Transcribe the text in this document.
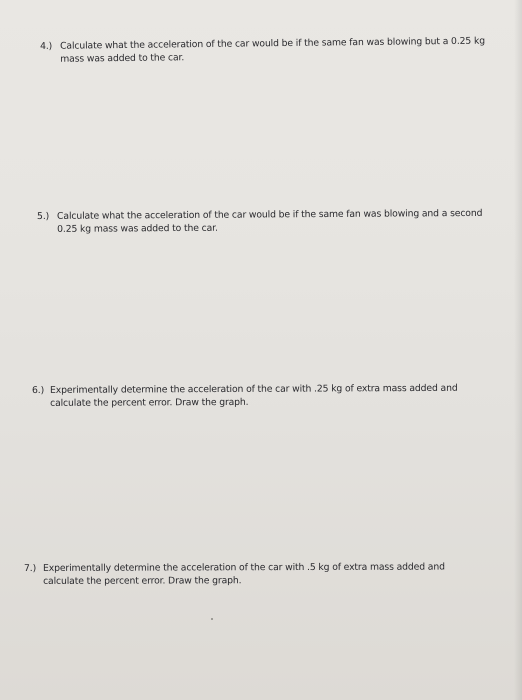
4.) Calculate what the acceleration of the car would be if the same fan was blowing but a 0.25 kg
mass was added to the car.
5.) Calculate what the acceleration of the car would be if the same fan was blowing and a second
0.25 kg mass was added to the car.
6.) Experimentally determine the acceleration of the car with .25 kg of extra mass added and
calculate the percent error. Draw the graph.
7.) Experimentally determine the acceleration of the car with .5 kg of extra mass added and
calculate the percent error. Draw the graph.
